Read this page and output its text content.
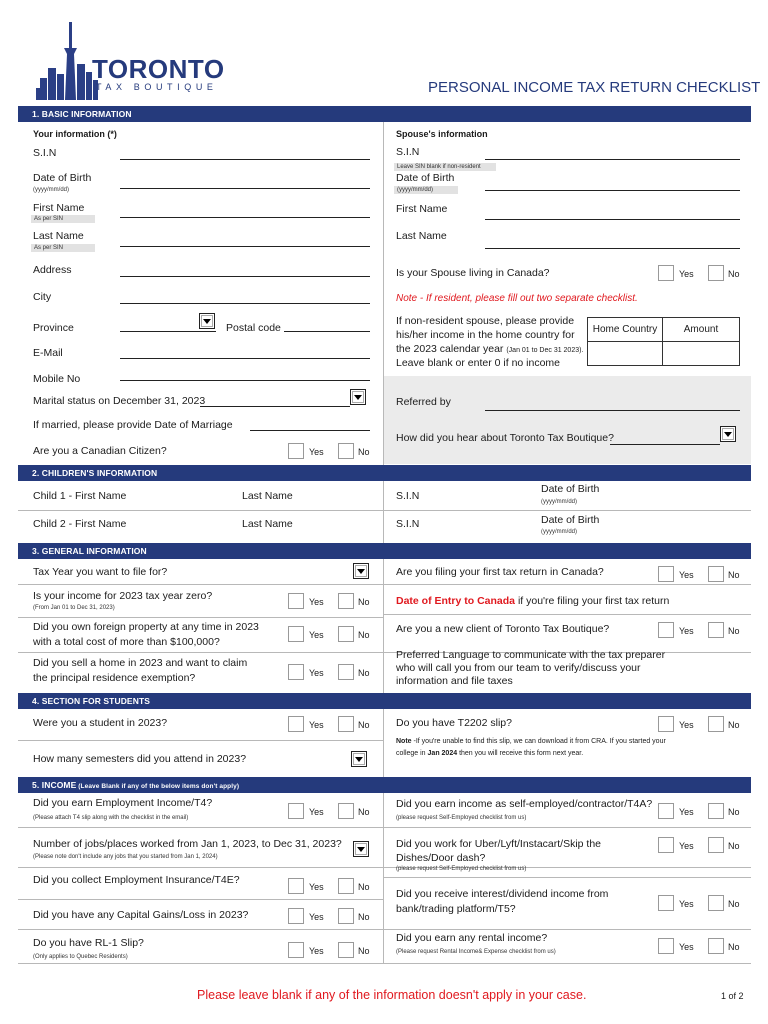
TORONTO
TAX BOUTIQUE	PERSONAL INCOME TAX RETURN CHECKLIST
1. BASIC INFORMATION
Your information (*)
S.I.N
Date of Birth
(yyyy/mm/dd)
First Name
As per SIN
Last Name
As per SIN
Address
City
Province	Postal code
E-Mail
Mobile No
Marital status on December 31, 2023
If married, please provide Date of Marriage
Are you a Canadian Citizen?	Yes	No
Spouse's information
S.I.N
Leave SIN blank if non-resident
Date of Birth
(yyyy/mm/dd)
First Name
Last Name
Is your Spouse living in Canada?	Yes	No
Note - If resident, please fill out two separate checklist.
If non-resident spouse, please provide
his/her income in the home country for
the 2023 calendar year (Jan 01 to Dec 31 2023).
Leave blank or enter 0 if no income
Home Country	Amount

Referred by
How did you hear about Toronto Tax Boutique?
2. CHILDREN'S INFORMATION
Child 1 - First Name	Last Name	S.I.N
Date of Birth
(yyyy/mm/dd)
Child 2 - First Name	Last Name	S.I.N	Date of Birth
(yyyy/mm/dd)
3. GENERAL INFORMATION
Tax Year you want to file for?
Is your income for 2023 tax year zero?
(From Jan 01 to Dec 31, 2023)
Yes	No
Did you own foreign property at any time in 2023
with a total cost of more than $100,000?
Yes	No
Did you sell a home in 2023 and want to claim
the principal residence exemption?	Yes	No
Are you filing your first tax return in Canada?	Yes	No
Date of Entry to Canada if you're filing your first tax return
Are you a new client of Toronto Tax Boutique?	Yes	No
Preferred Language to communicate with the tax preparer
who will call you from our team to verify/discuss your
information and file taxes
4. SECTION FOR STUDENTS
Were you a student in 2023?	Yes	No
How many semesters did you attend in 2023?
Do you have T2202 slip?	Yes	No
Note -If you're unable to find this slip, we can download it from CRA. If you started your
college in Jan 2024 then you will receive this form next year.
5. INCOME (Leave Blank if any of the below items don't apply)
Did you earn Employment Income/T4?
(Please attach T4 slip along with the checklist in the email)
Yes	No
Number of jobs/places worked from Jan 1, 2023, to Dec 31, 2023?
(Please note don't include any jobs that you started from Jan 1, 2024)
Did you collect Employment Insurance/T4E?
Yes	No
Did you have any Capital Gains/Loss in 2023?	Yes	No
Do you have RL-1 Slip?
(Only applies to Quebec Residents)
Yes	No
Did you earn income as self-employed/contractor/T4A?
(please request Self-Employed checklist from us)
Yes	No
Did you work for Uber/Lyft/Instacart/Skip the
Dishes/Door dash?
(please request Self-Employed checklist from us)
Yes	No
Did you receive interest/dividend income from
bank/trading platform/T5?	Yes	No
Did you earn any rental income?
(Please request Rental Income& Expense checklist from us)	Yes	No
Please leave blank if any of the information doesn't apply in your case.	1 of 2
